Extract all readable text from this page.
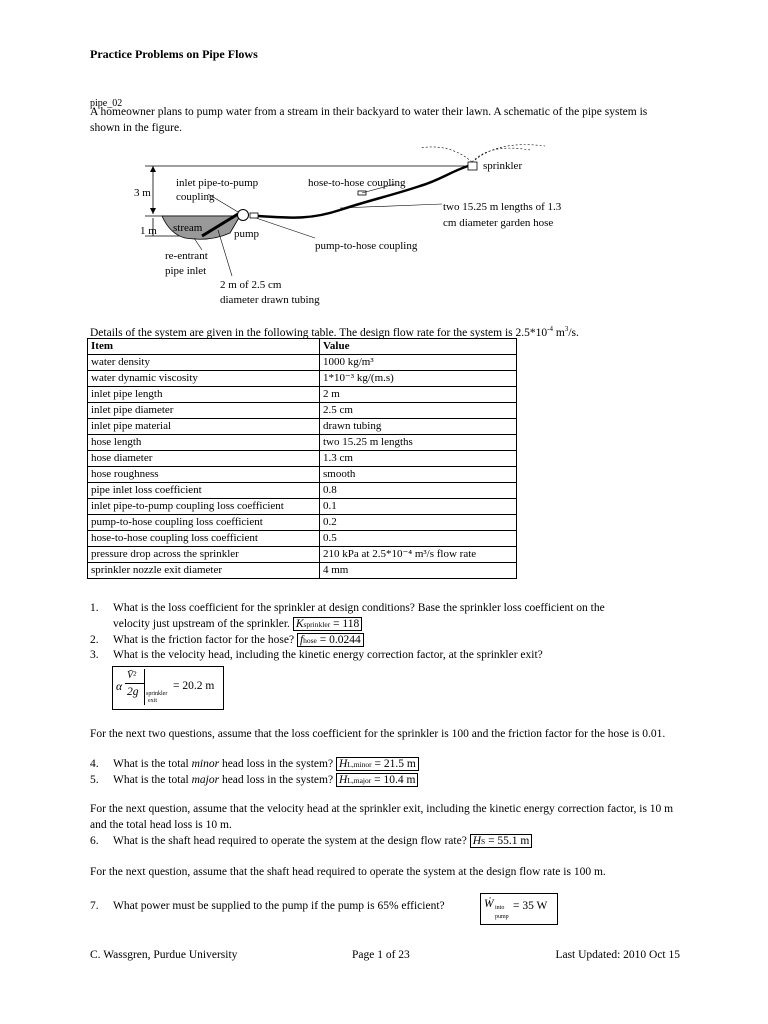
Practice Problems on Pipe Flows
pipe_02
A homeowner plans to pump water from a stream in their backyard to water their lawn. A schematic of the pipe system is shown in the figure.
sprinkler
inlet pipe-to-pump
coupling
hose-to-hose coupling
3 m
1 m stream	pump
two 15.25 m lengths of 1.3
cm diameter garden hose
pump-to-hose coupling
re-entrant
pipe inlet
2 m of 2.5 cm
diameter drawn tubing
Details of the system are given in the following table. The design flow rate for the system is $2.5*10^{-4}$ $m^3/s$.
Item	Value
water density	1000 kg/m³
water dynamic viscosity	1*10⁻³ kg/(m.s)
inlet pipe length	2 m
inlet pipe diameter	2.5 cm
inlet pipe material	drawn tubing
hose length	two 15.25 m lengths
hose diameter	1.3 cm
hose roughness	smooth
pipe inlet loss coefficient	0.8
inlet pipe-to-pump coupling loss coefficient	0.1
pump-to-hose coupling loss coefficient	0.2
hose-to-hose coupling loss coefficient	0.5
pressure drop across the sprinkler	210 kPa at 2.5*10⁻⁴ m³/s flow rate
sprinkler nozzle exit diameter	4 mm
1. What is the loss coefficient for the sprinkler at design conditions? Base the sprinkler loss coefficient on the
velocity just upstream of the sprinkler. Ksprinkler = 118
2. What is the friction factor for the hose? fhose = 0.0244
3. What is the velocity head, including the kinetic energy correction factor, at the sprinkler exit?
α
V̄²
2g sprinkler
exit
= 20.2 m
For the next two questions, assume that the loss coefficient for the sprinkler is 100 and the friction factor for the hose is 0.01.
4. What is the total minor head loss in the system? HL,minor = 21.5 m
5. What is the total major head loss in the system? HL,major = 10.4 m
For the next question, assume that the velocity head at the sprinkler exit, including the kinetic energy correction factor, is 10 m and the total head loss is 10 m.
6. What is the shaft head required to operate the system at the design flow rate? HS = 55.1 m
For the next question, assume that the shaft head required to operate the system at the design flow rate is 100 m.
7. What power must be supplied to the pump if the pump is 65% efficient?	Ẇ into
pump
= 35 W
C. Wassgren, Purdue University	Page 1 of 23	Last Updated: 2010 Oct 15
